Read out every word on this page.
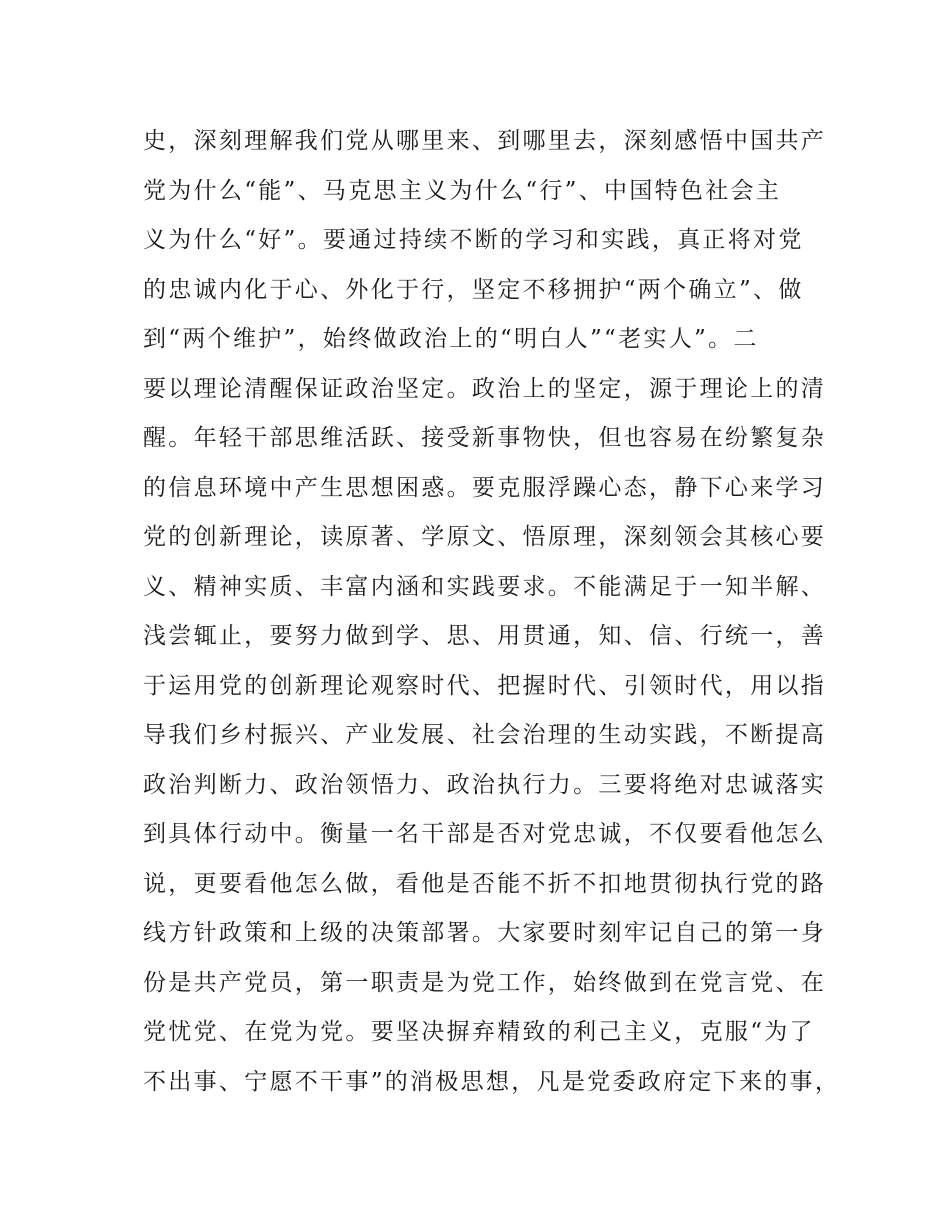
史，深刻理解我们党从哪里来、到哪里去，深刻感悟中国共产
党为什么“能”、马克思主义为什么“行”、中国特色社会主
义为什么“好”。要通过持续不断的学习和实践，真正将对党
的忠诚内化于心、外化于行，坚定不移拥护“两个确立”、做
到“两个维护”，始终做政治上的“明白人”“老实人”。二
要以理论清醒保证政治坚定。政治上的坚定，源于理论上的清
醒。年轻干部思维活跃、接受新事物快，但也容易在纷繁复杂
的信息环境中产生思想困惑。要克服浮躁心态，静下心来学习
党的创新理论，读原著、学原文、悟原理，深刻领会其核心要
义、精神实质、丰富内涵和实践要求。不能满足于一知半解、
浅尝辄止，要努力做到学、思、用贯通，知、信、行统一，善
于运用党的创新理论观察时代、把握时代、引领时代，用以指
导我们乡村振兴、产业发展、社会治理的生动实践，不断提高
政治判断力、政治领悟力、政治执行力。三要将绝对忠诚落实
到具体行动中。衡量一名干部是否对党忠诚，不仅要看他怎么
说，更要看他怎么做，看他是否能不折不扣地贯彻执行党的路
线方针政策和上级的决策部署。大家要时刻牢记自己的第一身
份是共产党员，第一职责是为党工作，始终做到在党言党、在
党忧党、在党为党。要坚决摒弃精致的利己主义，克服“为了
不出事、宁愿不干事”的消极思想，凡是党委政府定下来的事，
